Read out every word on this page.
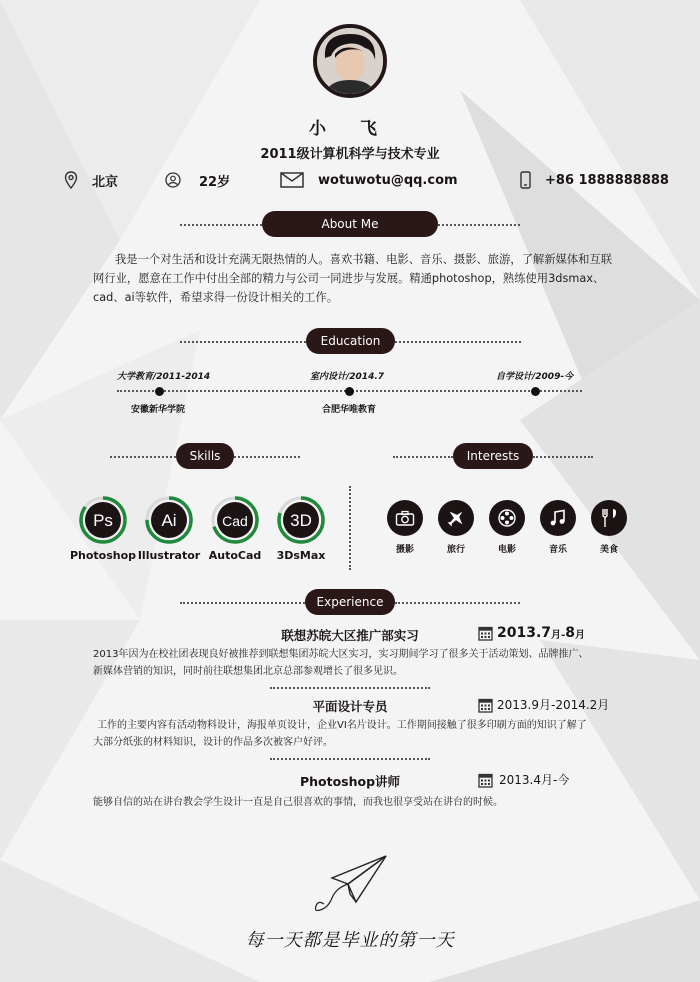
小 飞
2011级计算机科学与技术专业
北京	22岁	wotuwotu@qq.com	+86 1888888888
About Me
我是一个对生活和设计充满无限热情的人。喜欢书籍、电影、音乐、摄影、旅游，了解新媒体和互联
网行业，愿意在工作中付出全部的精力与公司一同进步与发展。精通photoshop，熟练使用3dsmax、
cad、ai等软件，希望求得一份设计相关的工作。
Education
大学教育/2011-2014	室内设计/2014.7	自学设计/2009-今
安徽新华学院	合肥华唯教育
Skills	Interests
Ps
Photoshop
Ai
Illustrator
Cad
AutoCad
3D
3DsMax	摄影	旅行	电影	音乐	美食
Experience
联想苏皖大区推广部实习	2013.7 月- 8 月
2013年因为在校社团表现良好被推荐到联想集团苏皖大区实习，实习期间学习了很多关于活动策划、品牌推广、
新媒体营销的知识，同时前往联想集团北京总部参观增长了很多见识。
平面设计专员	2013.9月-2014.2月
工作的主要内容有活动物料设计，海报单页设计，企业VI名片设计。工作期间接触了很多印刷方面的知识了解了
大部分纸张的材料知识，设计的作品多次被客户好评。
Photoshop讲师	2013.4月-今
能够自信的站在讲台教会学生设计一直是自己很喜欢的事情，而我也很享受站在讲台的时候。
每一天都是毕业的第一天
